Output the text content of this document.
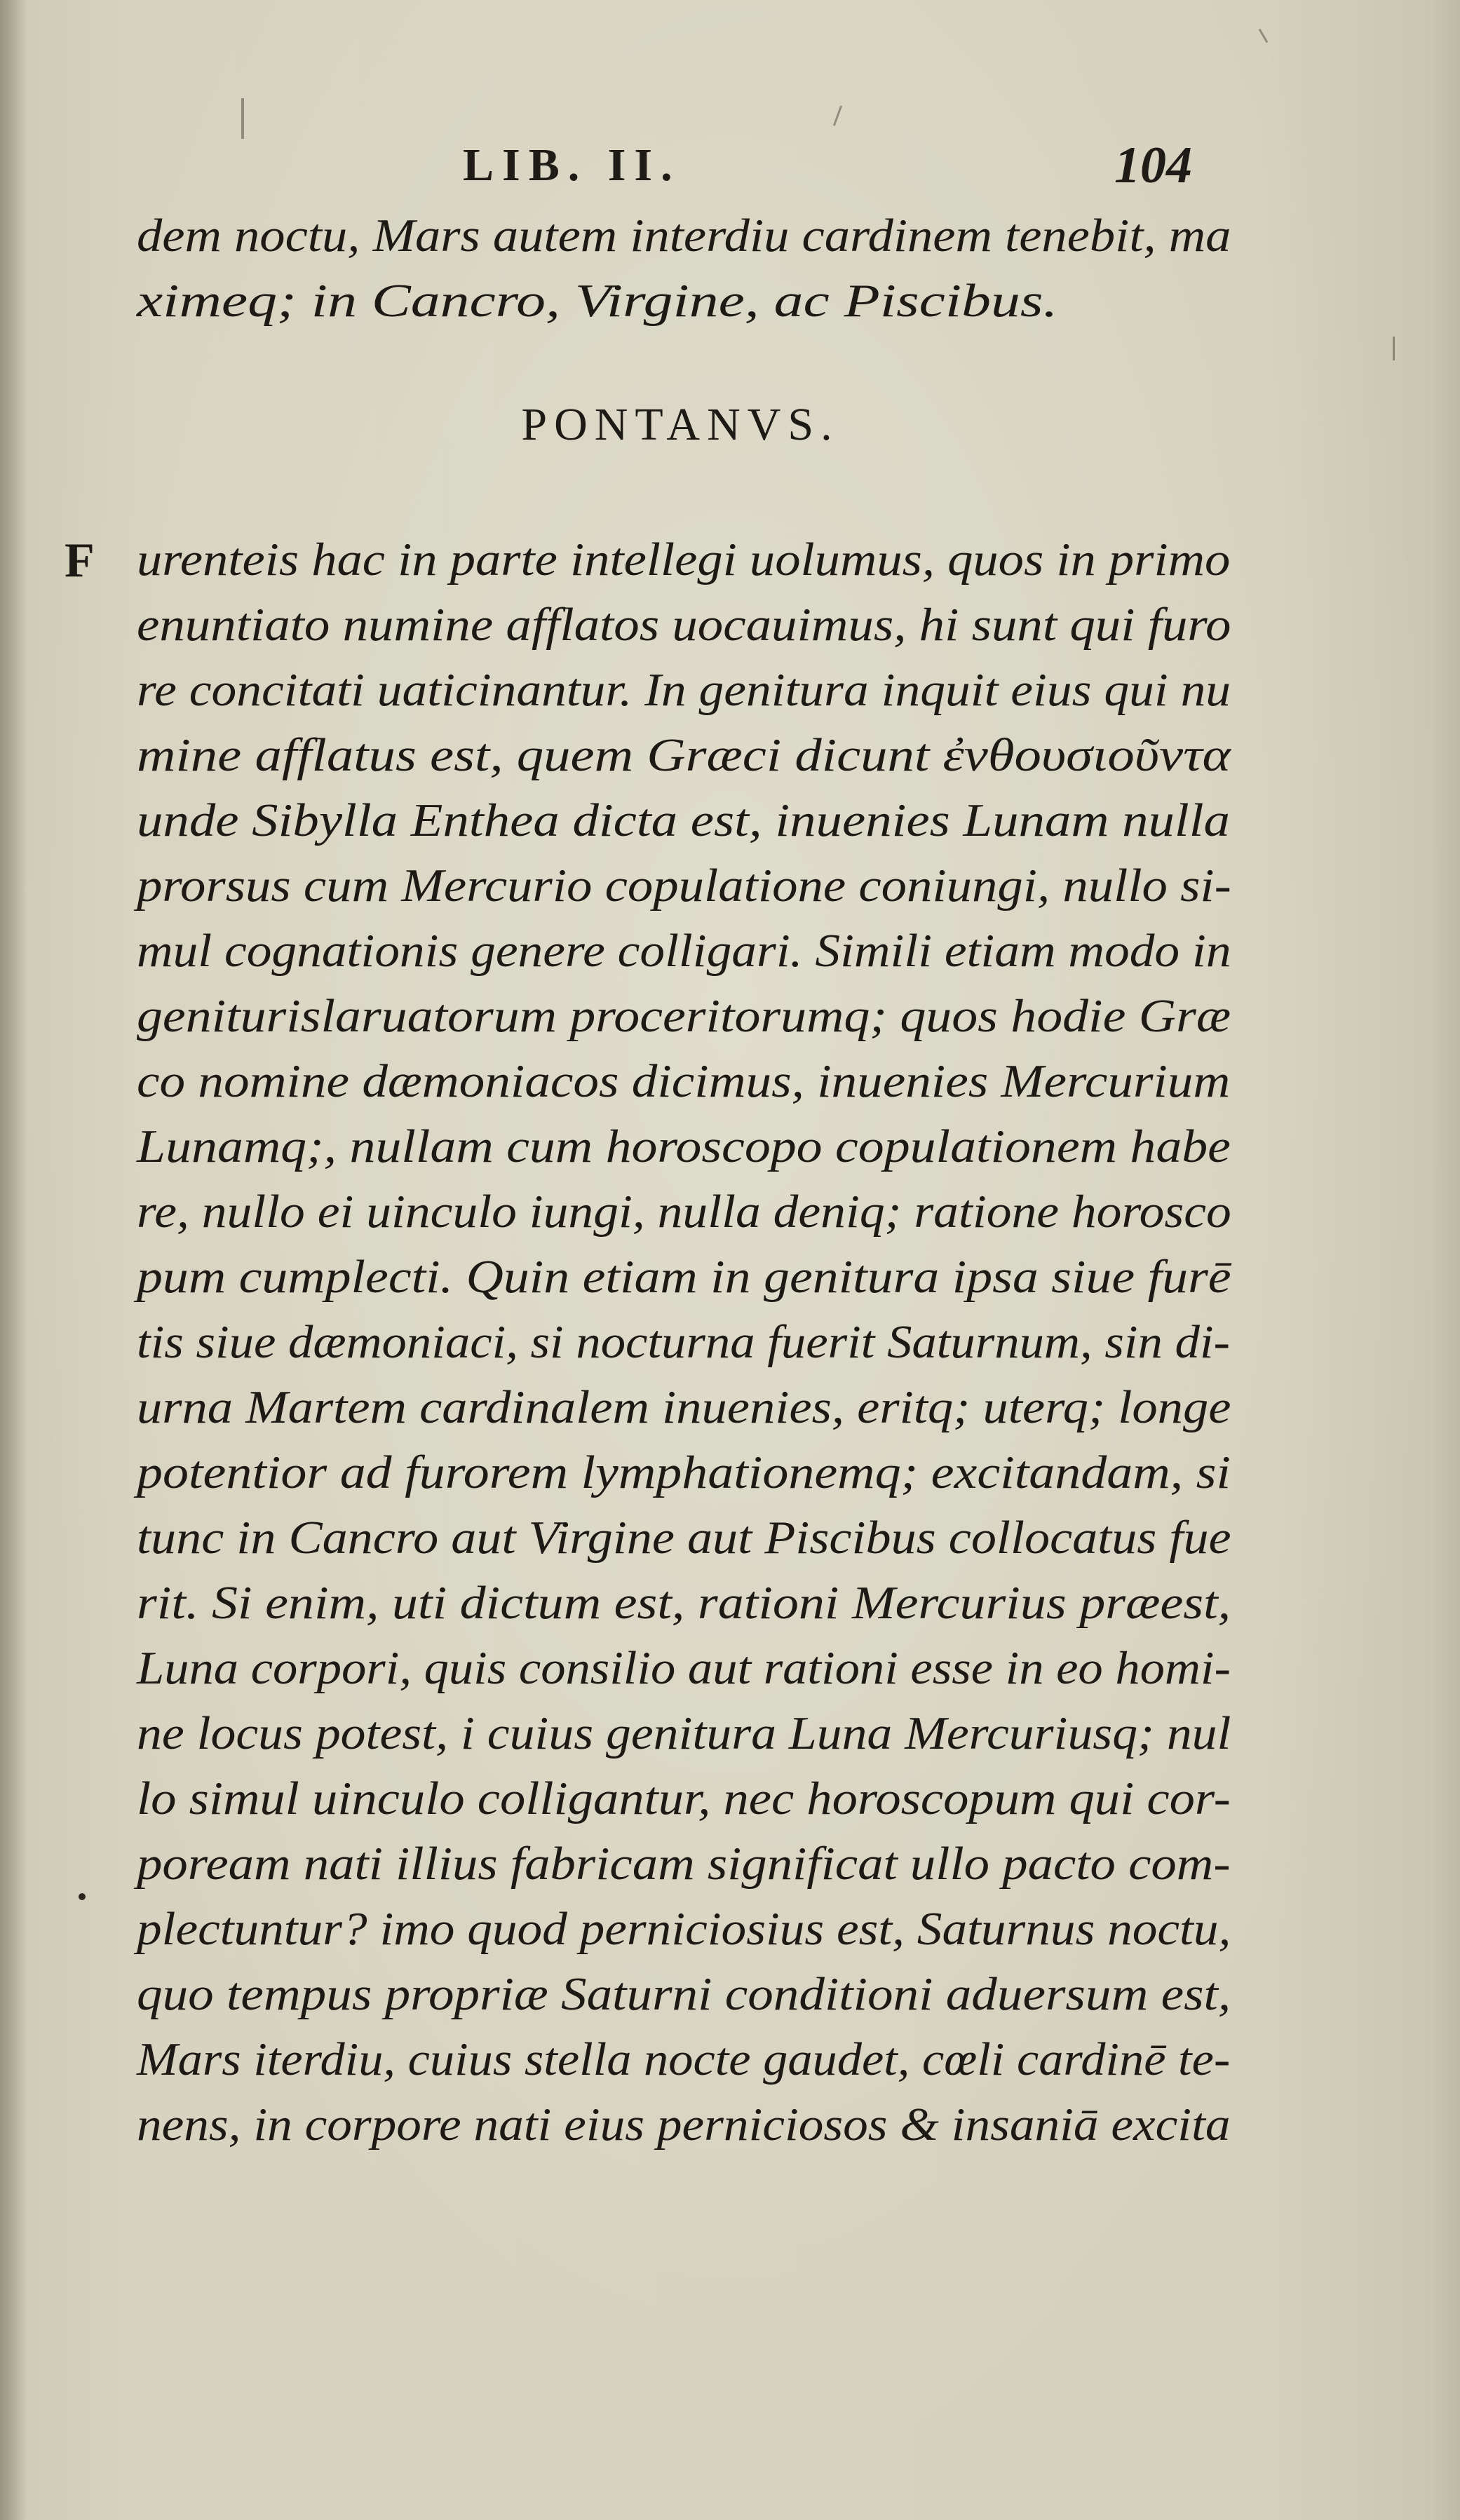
LIB. II.	104
dem noctu, Mars autem interdiu cardinem tenebit, ma
ximeq; in Cancro, Virgine, ac Piscibus.
PONTANVS.
F urenteis hac in parte intellegi uolumus, quos in primo
enuntiato numine afflatos uocauimus, hi sunt qui furo
re concitati uaticinantur. In genitura inquit eius qui nu
mine afflatus est, quem Græci dicunt ἐνθουσιοῦντα
unde Sibylla Enthea dicta est, inuenies Lunam nulla
prorsus cum Mercurio copulatione coniungi, nullo si-
mul cognationis genere colligari. Simili etiam modo in
geniturislaruatorum proceritorumq; quos hodie Græ
co nomine dæmoniacos dicimus, inuenies Mercurium
Lunamq;, nullam cum horoscopo copulationem habe
re, nullo ei uinculo iungi, nulla deniq; ratione horosco
pum cumplecti. Quin etiam in genitura ipsa siue furē
tis siue dæmoniaci, si nocturna fuerit Saturnum, sin di-
urna Martem cardinalem inuenies, eritq; uterq; longe
potentior ad furorem lymphationemq; excitandam, si
tunc in Cancro aut Virgine aut Piscibus collocatus fue
rit. Si enim, uti dictum est, rationi Mercurius præest,
Luna corpori, quis consilio aut rationi esse in eo homi-
ne locus potest, i cuius genitura Luna Mercuriusq; nul
lo simul uinculo colligantur, nec horoscopum qui cor-
poream nati illius fabricam significat ullo pacto com-
plectuntur? imo quod perniciosius est, Saturnus noctu,
quo tempus propriæ Saturni conditioni aduersum est,
Mars iterdiu, cuius stella nocte gaudet, cœli cardinē te-
nens, in corpore nati eius perniciosos & insaniā excita
